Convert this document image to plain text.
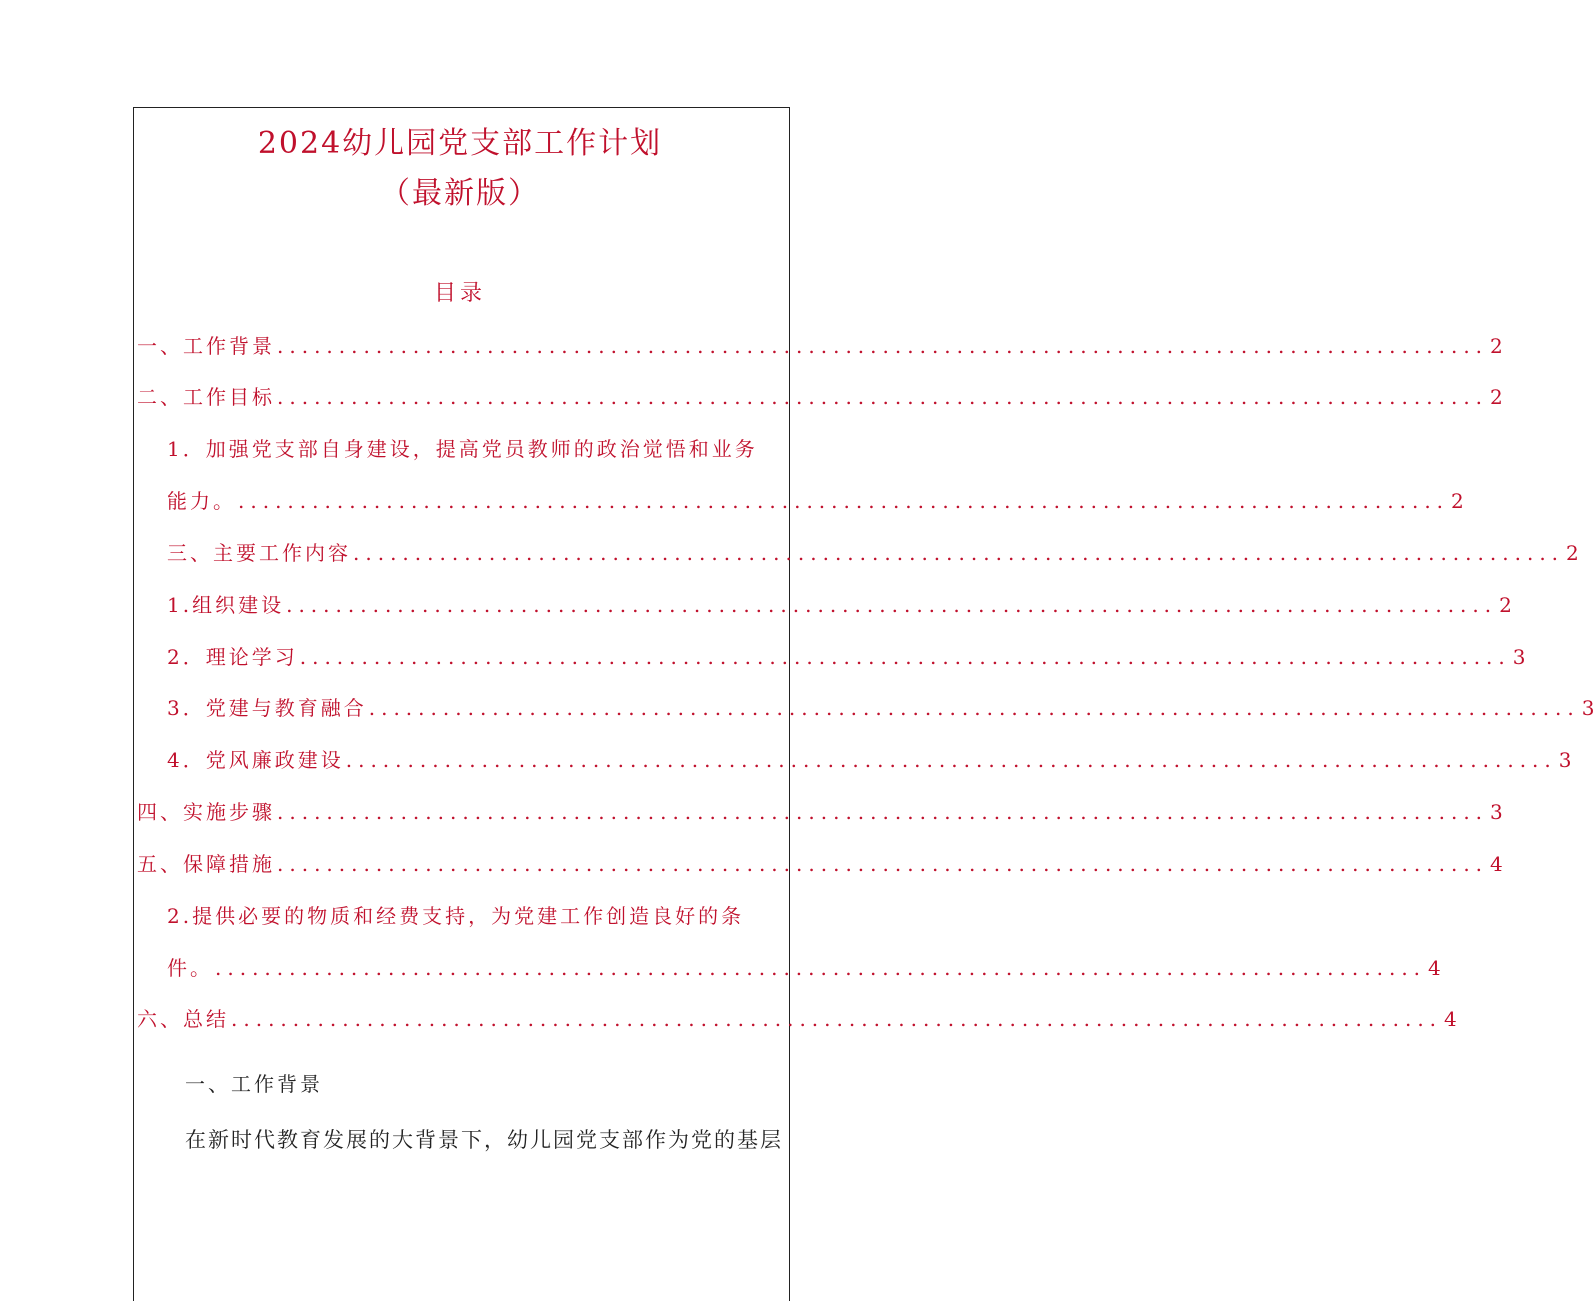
2024幼儿园党支部工作计划
（最新版）
目录
一、工作背景 .................................................................................................. 2
二、工作目标 .................................................................................................. 2
1．加强党支部自身建设，提高党员教师的政治觉悟和业务
能力。 .................................................................................................. 2
三、主要工作内容 .................................................................................................. 2
1.组织建设 .................................................................................................. 2
2．理论学习 .................................................................................................. 3
3．党建与教育融合 .................................................................................................. 3
4．党风廉政建设 .................................................................................................. 3
四、实施步骤 .................................................................................................. 3
五、保障措施 .................................................................................................. 4
2.提供必要的物质和经费支持，为党建工作创造良好的条
件。 .................................................................................................. 4
六、总结 .................................................................................................. 4
一、工作背景
在新时代教育发展的大背景下，幼儿园党支部作为党的基层
